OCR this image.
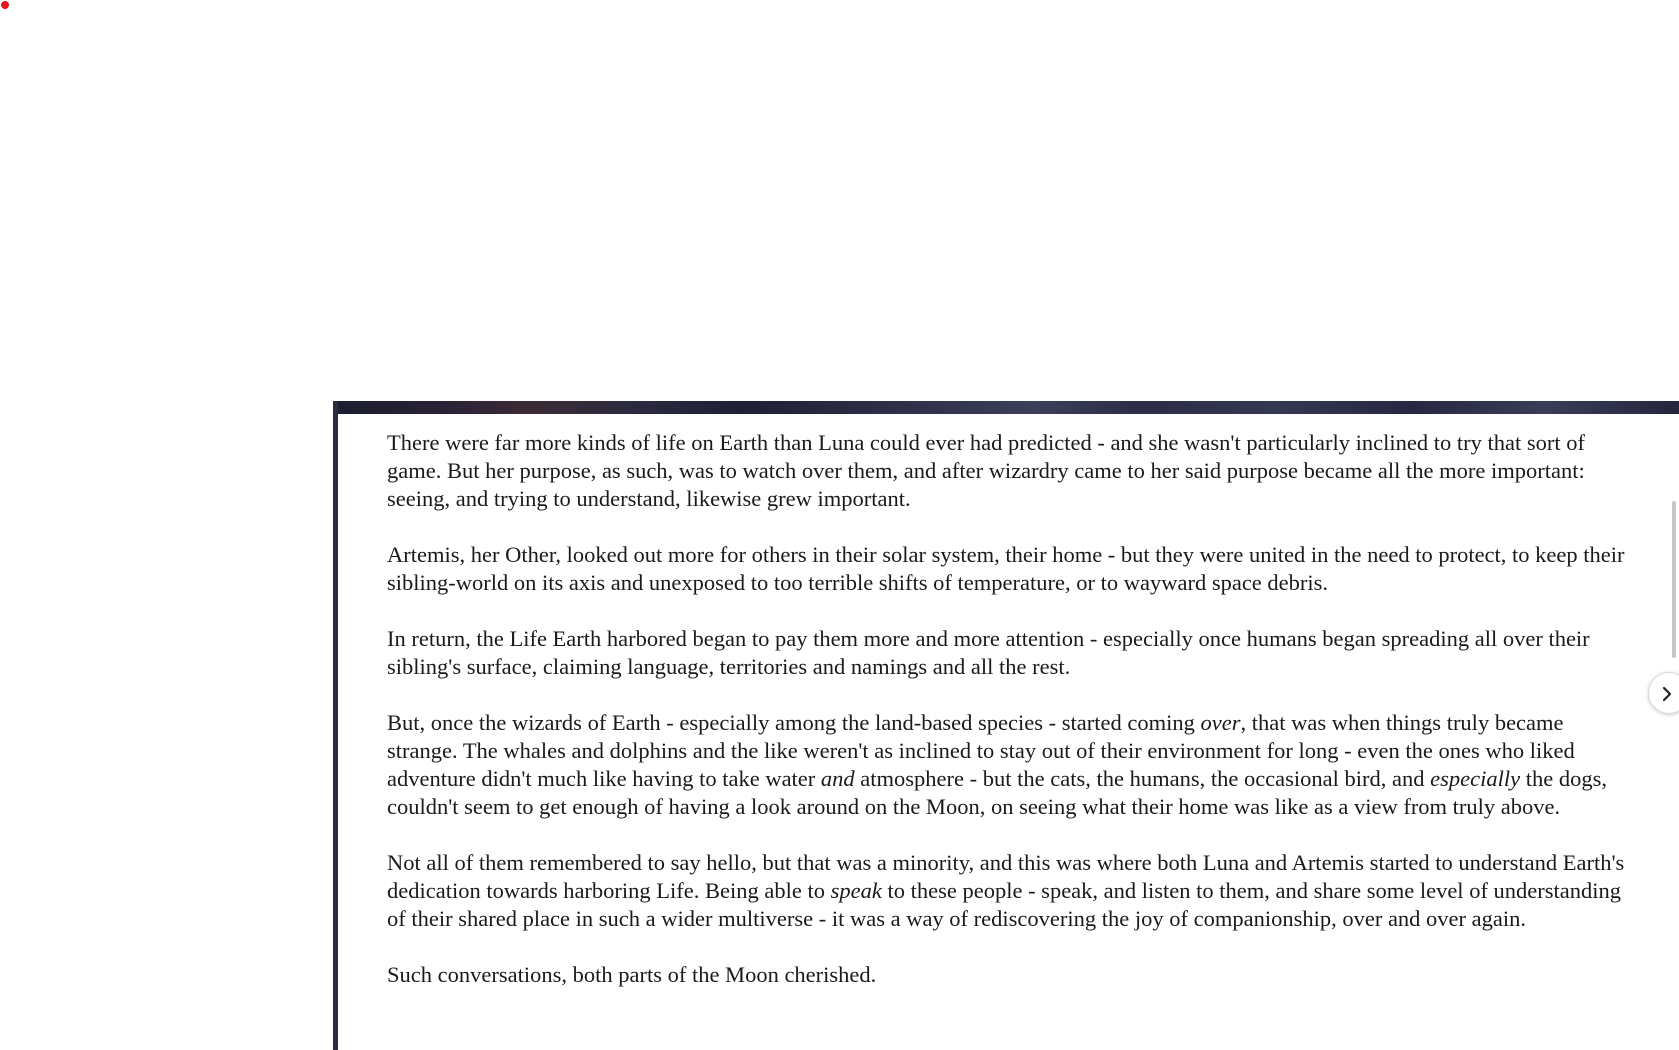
There were far more kinds of life on Earth than Luna could ever had predicted - and she wasn't particularly inclined to try that sort of game. But her purpose, as such, was to watch over them, and after wizardry came to her said purpose became all the more important: seeing, and trying to understand, likewise grew important.

Artemis, her Other, looked out more for others in their solar system, their home - but they were united in the need to protect, to keep their sibling-world on its axis and unexposed to too terrible shifts of temperature, or to wayward space debris.

In return, the Life Earth harbored began to pay them more and more attention - especially once humans began spreading all over their sibling's surface, claiming language, territories and namings and all the rest.

But, once the wizards of Earth - especially among the land-based species - started coming over, that was when things truly became strange. The whales and dolphins and the like weren't as inclined to stay out of their environment for long - even the ones who liked adventure didn't much like having to take water and atmosphere - but the cats, the humans, the occasional bird, and especially the dogs, couldn't seem to get enough of having a look around on the Moon, on seeing what their home was like as a view from truly above.

Not all of them remembered to say hello, but that was a minority, and this was where both Luna and Artemis started to understand Earth's dedication towards harboring Life. Being able to speak to these people - speak, and listen to them, and share some level of understanding of their shared place in such a wider multiverse - it was a way of rediscovering the joy of companionship, over and over again.

Such conversations, both parts of the Moon cherished.
